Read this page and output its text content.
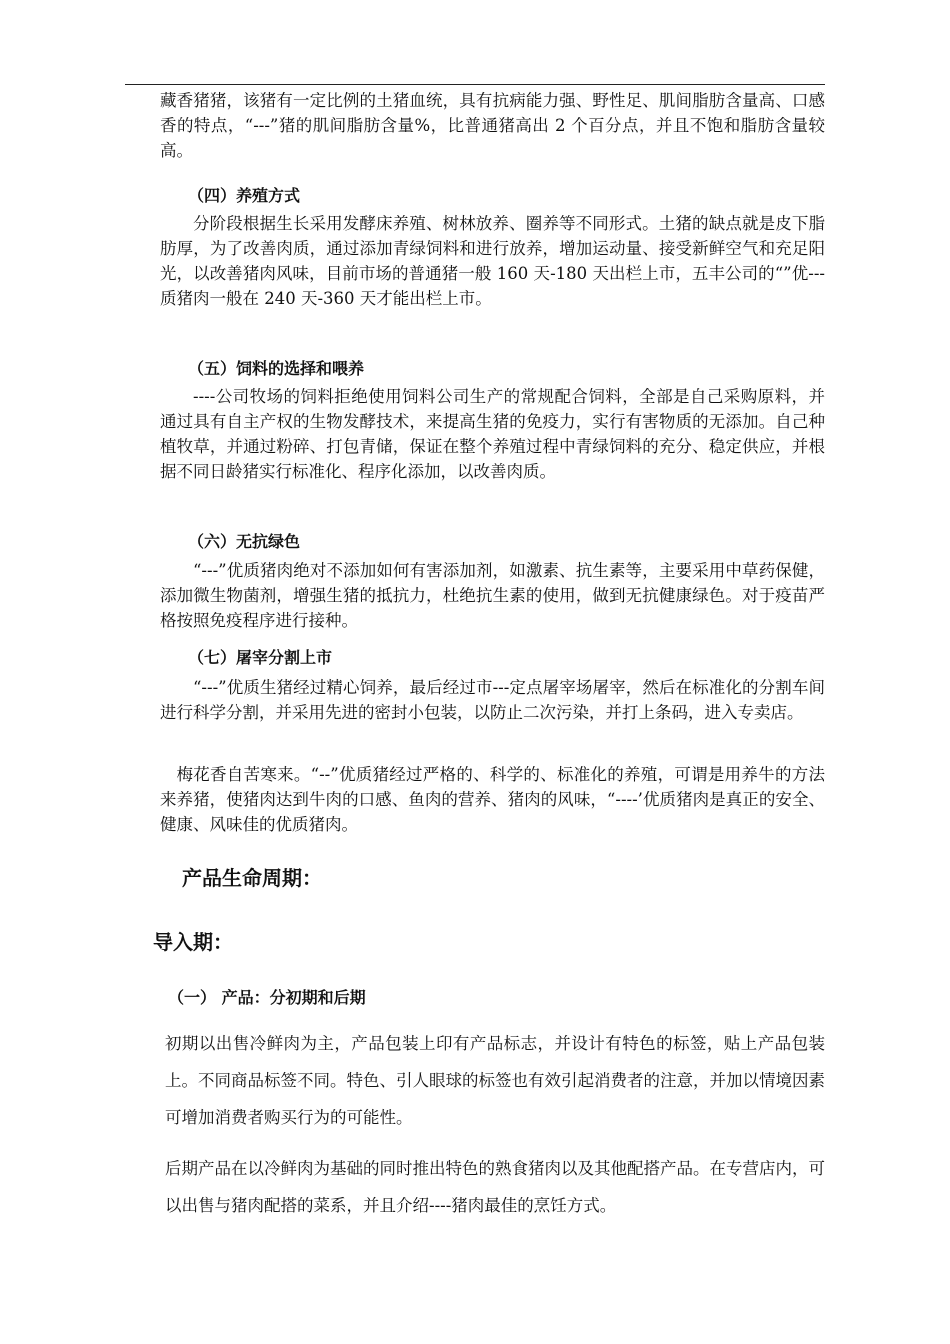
藏香猪猪，该猪有一定比例的土猪血统，具有抗病能力强、野性足、肌间脂肪含量高、口感香的特点，“---”猪的肌间脂肪含量%，比普通猪高出 2 个百分点，并且不饱和脂肪含量较高。

（四）养殖方式

分阶段根据生长采用发酵床养殖、树林放养、圈养等不同形式。土猪的缺点就是皮下脂肪厚，为了改善肉质，通过添加青绿饲料和进行放养，增加运动量、接受新鲜空气和充足阳光，以改善猪肉风味，目前市场的普通猪一般 160 天-180 天出栏上市，五丰公司的“”优---质猪肉一般在 240 天-360 天才能出栏上市。

（五）饲料的选择和喂养

----公司牧场的饲料拒绝使用饲料公司生产的常规配合饲料，全部是自己采购原料，并通过具有自主产权的生物发酵技术，来提高生猪的免疫力，实行有害物质的无添加。自己种植牧草，并通过粉碎、打包青储，保证在整个养殖过程中青绿饲料的充分、稳定供应，并根据不同日龄猪实行标准化、程序化添加，以改善肉质。

（六）无抗绿色

“---”优质猪肉绝对不添加如何有害添加剂，如激素、抗生素等，主要采用中草药保健，添加微生物菌剂，增强生猪的抵抗力，杜绝抗生素的使用，做到无抗健康绿色。对于疫苗严格按照免疫程序进行接种。

（七）屠宰分割上市

“---”优质生猪经过精心饲养，最后经过市---定点屠宰场屠宰，然后在标准化的分割车间进行科学分割，并采用先进的密封小包装，以防止二次污染，并打上条码，进入专卖店。

梅花香自苦寒来。“--”优质猪经过严格的、科学的、标准化的养殖，可谓是用养牛的方法来养猪，使猪肉达到牛肉的口感、鱼肉的营养、猪肉的风味，“----’优质猪肉是真正的安全、健康、风味佳的优质猪肉。

产品生命周期：
导入期：
（一） 产品：分初期和后期

初期以出售冷鲜肉为主，产品包装上印有产品标志，并设计有特色的标签，贴上产品包装上。不同商品标签不同。特色、引人眼球的标签也有效引起消费者的注意，并加以情境因素可增加消费者购买行为的可能性。

后期产品在以冷鲜肉为基础的同时推出特色的熟食猪肉以及其他配搭产品。在专营店内，可以出售与猪肉配搭的菜系，并且介绍----猪肉最佳的烹饪方式。
